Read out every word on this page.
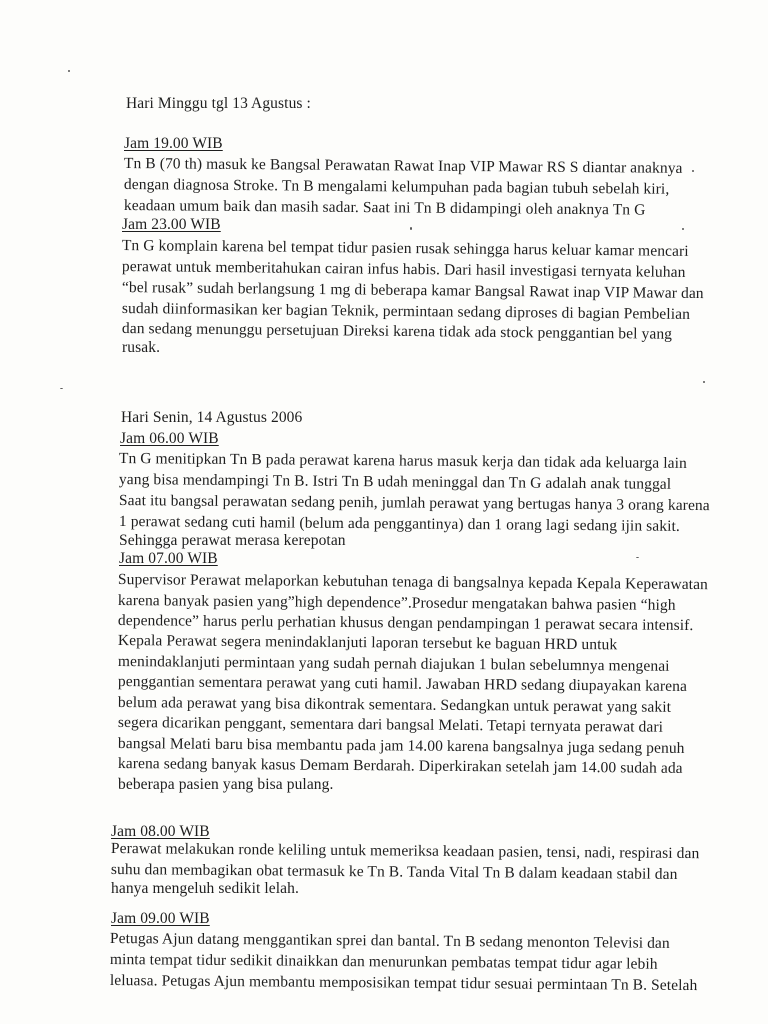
Hari Minggu tgl 13 Agustus :
Jam 19.00 WIB
Tn B (70 th) masuk ke Bangsal Perawatan Rawat Inap VIP Mawar RS S diantar anaknya
dengan diagnosa Stroke. Tn B mengalami kelumpuhan pada bagian tubuh sebelah kiri,
keadaan umum baik dan masih sadar. Saat ini Tn B didampingi oleh anaknya Tn G
Jam 23.00 WIB
Tn G komplain karena bel tempat tidur pasien rusak sehingga harus keluar kamar mencari
perawat untuk memberitahukan cairan infus habis. Dari hasil investigasi ternyata keluhan
“bel rusak” sudah berlangsung 1 mg di beberapa kamar Bangsal Rawat inap VIP Mawar dan
sudah diinformasikan ker bagian Teknik, permintaan sedang diproses di bagian Pembelian
dan sedang menunggu persetujuan Direksi karena tidak ada stock penggantian bel yang
rusak.
Hari Senin, 14 Agustus 2006
Jam 06.00 WIB
Tn G menitipkan Tn B pada perawat karena harus masuk kerja dan tidak ada keluarga lain
yang bisa mendampingi Tn B. Istri Tn B udah meninggal dan Tn G adalah anak tunggal
Saat itu bangsal perawatan sedang penih, jumlah perawat yang bertugas hanya 3 orang karena
1 perawat sedang cuti hamil (belum ada penggantinya) dan 1 orang lagi sedang ijin sakit.
Sehingga perawat merasa kerepotan
Jam 07.00 WIB
Supervisor Perawat melaporkan kebutuhan tenaga di bangsalnya kepada Kepala Keperawatan
karena banyak pasien yang”high dependence”.Prosedur mengatakan bahwa pasien “high
dependence” harus perlu perhatian khusus dengan pendampingan 1 perawat secara intensif.
Kepala Perawat segera menindaklanjuti laporan tersebut ke baguan HRD untuk
menindaklanjuti permintaan yang sudah pernah diajukan 1 bulan sebelumnya mengenai
penggantian sementara perawat yang cuti hamil. Jawaban HRD sedang diupayakan karena
belum ada perawat yang bisa dikontrak sementara. Sedangkan untuk perawat yang sakit
segera dicarikan penggant, sementara dari bangsal Melati. Tetapi ternyata perawat dari
bangsal Melati baru bisa membantu pada jam 14.00 karena bangsalnya juga sedang penuh
karena sedang banyak kasus Demam Berdarah. Diperkirakan setelah jam 14.00 sudah ada
beberapa pasien yang bisa pulang.
Jam 08.00 WIB
Perawat melakukan ronde keliling untuk memeriksa keadaan pasien, tensi, nadi, respirasi dan
suhu dan membagikan obat termasuk ke Tn B. Tanda Vital Tn B dalam keadaan stabil dan
hanya mengeluh sedikit lelah.
Jam 09.00 WIB
Petugas Ajun datang menggantikan sprei dan bantal. Tn B sedang menonton Televisi dan
minta tempat tidur sedikit dinaikkan dan menurunkan pembatas tempat tidur agar lebih
leluasa. Petugas Ajun membantu memposisikan tempat tidur sesuai permintaan Tn B. Setelah
